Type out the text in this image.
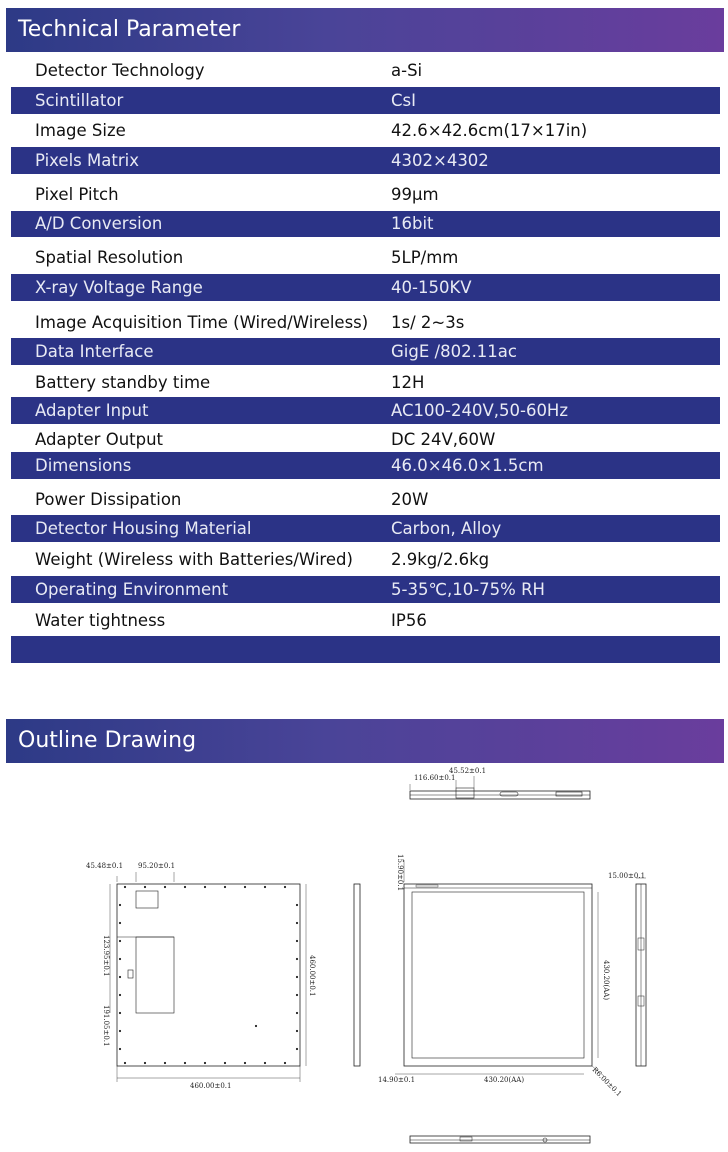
Technical Parameter
Detector Technology	a-Si
Scintillator	CsI
Image Size	42.6×42.6cm(17×17in)
Pixels Matrix	4302×4302
Pixel Pitch	99μm
A/D Conversion	16bit
Spatial Resolution	5LP/mm
X-ray Voltage Range	40-150KV
Image Acquisition Time (Wired/Wireless) 1s/ 2~3s
Data Interface	GigE /802.11ac
Battery standby time	12H
Adapter Input	AC100-240V,50-60Hz
Adapter Output	DC 24V,60W
Dimensions	46.0×46.0×1.5cm
Power Dissipation	20W
Detector Housing Material	Carbon, Alloy
Weight (Wireless with Batteries/Wired) 2.9kg/2.6kg
Operating Environment	5-35℃,10-75% RH
Water tightness	IP56
Outline Drawing
45.52±0.1
116.60±0.1
45.48±0.1 95.20±0.1
123.95±0.1
191.05±0.1
460.00±0.1
460.00±0.1
15.90±0.1
430.20(AA)
430.20(AA)
14.90±0.1	R6.00±0.1
15.00±0.1
